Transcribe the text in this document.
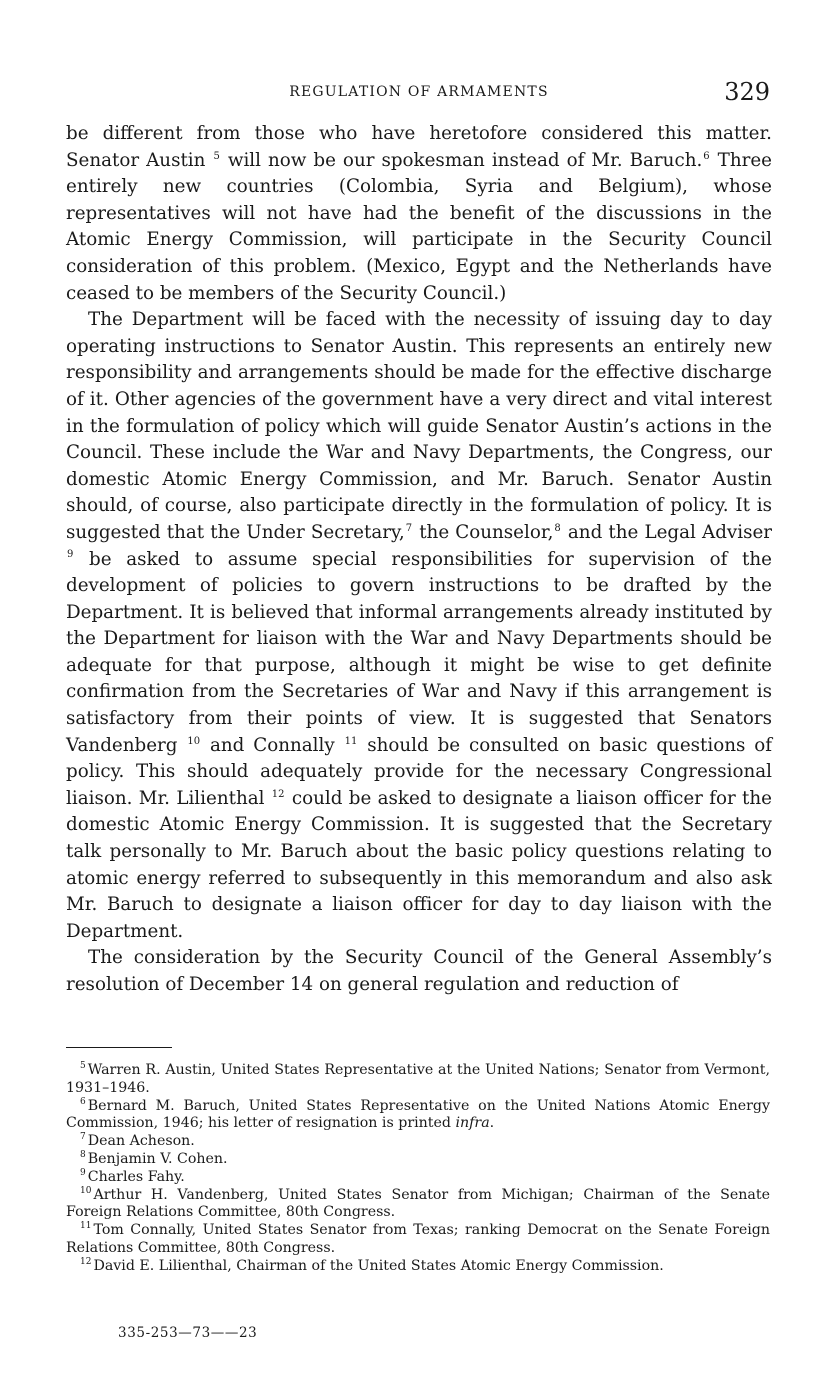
REGULATION OF ARMAMENTS	329

be different from those who have heretofore considered this matter. Senator Austin $^5$ will now be our spokesman instead of Mr. Baruch.$^6$ Three entirely new countries (Colombia, Syria and Belgium), whose representatives will not have had the benefit of the discussions in the Atomic Energy Commission, will participate in the Security Council consideration of this problem. (Mexico, Egypt and the Netherlands have ceased to be members of the Security Council.)

The Department will be faced with the necessity of issuing day to day operating instructions to Senator Austin. This represents an entirely new responsibility and arrangements should be made for the effective discharge of it. Other agencies of the government have a very direct and vital interest in the formulation of policy which will guide Senator Austin’s actions in the Council. These include the War and Navy Departments, the Congress, our domestic Atomic Energy Commission, and Mr. Baruch. Senator Austin should, of course, also participate directly in the formulation of policy. It is suggested that the Under Secretary,$^7$ the Counselor,$^8$ and the Legal Adviser $^9$ be asked to assume special responsibilities for supervision of the development of policies to govern instructions to be drafted by the Department. It is believed that informal arrangements already instituted by the Department for liaison with the War and Navy Departments should be adequate for that purpose, although it might be wise to get definite confirmation from the Secretaries of War and Navy if this arrangement is satisfactory from their points of view. It is suggested that Senators Vandenberg $^{10}$ and Connally $^{11}$ should be consulted on basic questions of policy. This should adequately provide for the necessary Congressional liaison. Mr. Lilienthal $^{12}$ could be asked to designate a liaison officer for the domestic Atomic Energy Commission. It is suggested that the Secretary talk personally to Mr. Baruch about the basic policy questions relating to atomic energy referred to subsequently in this memorandum and also ask Mr. Baruch to designate a liaison officer for day to day liaison with the Department.

The consideration by the Security Council of the General Assembly’s resolution of December 14 on general regulation and reduction of

$^5$ Warren R. Austin, United States Representative at the United Nations; Senator from Vermont, 1931–1946.

$^6$ Bernard M. Baruch, United States Representative on the United Nations Atomic Energy Commission, 1946; his letter of resignation is printed infra.

$^7$ Dean Acheson.

$^8$ Benjamin V. Cohen.

$^9$ Charles Fahy.

$^{10}$ Arthur H. Vandenberg, United States Senator from Michigan; Chairman of the Senate Foreign Relations Committee, 80th Congress.

$^{11}$ Tom Connally, United States Senator from Texas; ranking Democrat on the Senate Foreign Relations Committee, 80th Congress.

$^{12}$ David E. Lilienthal, Chairman of the United States Atomic Energy Commission.

335-253—73——23
